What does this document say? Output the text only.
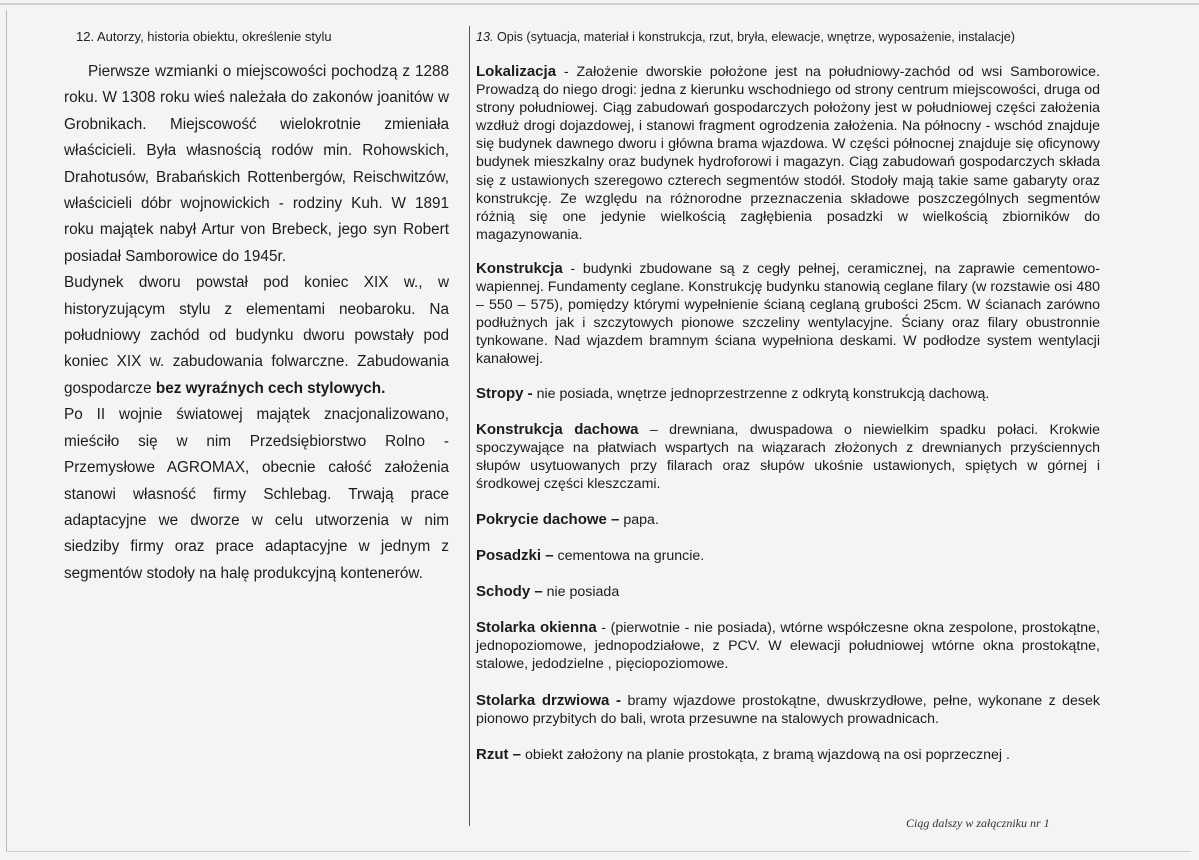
12. Autorzy, historia obiektu, określenie stylu	13. Opis (sytuacja, materiał i konstrukcja, rzut, bryła, elewacje, wnętrze, wyposażenie, instalacje)

Pierwsze wzmianki o miejscowości pochodzą z 1288 roku. W 1308 roku wieś należała do zakonów joanitów w Grobnikach. Miejscowość wielokrotnie zmieniała właścicieli. Była własnością rodów min. Rohowskich, Drahotusów, Brabańskich Rottenbergów, Reischwitzów, właścicieli dóbr wojnowickich - rodziny Kuh. W 1891 roku majątek nabył Artur von Brebeck, jego syn Robert posiadał Samborowice do 1945r.

Budynek dworu powstał pod koniec XIX w., w historyzującym stylu z elementami neobaroku. Na południowy zachód od budynku dworu powstały pod koniec XIX w. zabudowania folwarczne. Zabudowania gospodarcze bez wyraźnych cech stylowych.

Po II wojnie światowej majątek znacjonalizowano, mieściło się w nim Przedsiębiorstwo Rolno - Przemysłowe AGROMAX, obecnie całość założenia stanowi własność firmy Schlebag. Trwają prace adaptacyjne we dworze w celu utworzenia w nim siedziby firmy oraz prace adaptacyjne w jednym z segmentów stodoły na halę produkcyjną kontenerów.

Lokalizacja - Założenie dworskie położone jest na południowy-zachód od wsi Samborowice. Prowadzą do niego drogi: jedna z kierunku wschodniego od strony centrum miejscowości, druga od strony południowej. Ciąg zabudowań gospodarczych położony jest w południowej części założenia wzdłuż drogi dojazdowej, i stanowi fragment ogrodzenia założenia. Na północny - wschód znajduje się budynek dawnego dworu i główna brama wjazdowa. W części północnej znajduje się oficynowy budynek mieszkalny oraz budynek hydroforowi i magazyn. Ciąg zabudowań gospodarczych składa się z ustawionych szeregowo czterech segmentów stodół. Stodoły mają takie same gabaryty oraz konstrukcję. Ze względu na różnorodne przeznaczenia składowe poszczególnych segmentów różnią się one jedynie wielkością zagłębienia posadzki w wielkością zbiorników do magazynowania.

Konstrukcja - budynki zbudowane są z cegły pełnej, ceramicznej, na zaprawie cementowo-wapiennej. Fundamenty ceglane. Konstrukcję budynku stanowią ceglane filary (w rozstawie osi 480 – 550 – 575), pomiędzy którymi wypełnienie ścianą ceglaną grubości 25cm. W ścianach zarówno podłużnych jak i szczytowych pionowe szczeliny wentylacyjne. Ściany oraz filary obustronnie tynkowane. Nad wjazdem bramnym ściana wypełniona deskami. W podłodze system wentylacji kanałowej.

Stropy - nie posiada, wnętrze jednoprzestrzenne z odkrytą konstrukcją dachową.

Konstrukcja dachowa – drewniana, dwuspadowa o niewielkim spadku połaci. Krokwie spoczywające na płatwiach wspartych na wiązarach złożonych z drewnianych przyściennych słupów usytuowanych przy filarach oraz słupów ukośnie ustawionych, spiętych w górnej i środkowej części kleszczami.

Pokrycie dachowe – papa.

Posadzki – cementowa na gruncie.

Schody – nie posiada

Stolarka okienna - (pierwotnie - nie posiada), wtórne współczesne okna zespolone, prostokątne, jednopoziomowe, jednopodziałowe, z PCV. W elewacji południowej wtórne okna prostokątne, stalowe, jedodzielne , pięciopoziomowe.

Stolarka drzwiowa - bramy wjazdowe prostokątne, dwuskrzydłowe, pełne, wykonane z desek pionowo przybitych do bali, wrota przesuwne na stalowych prowadnicach.

Rzut – obiekt założony na planie prostokąta, z bramą wjazdową na osi poprzecznej .

Ciąg dalszy w załączniku nr 1
